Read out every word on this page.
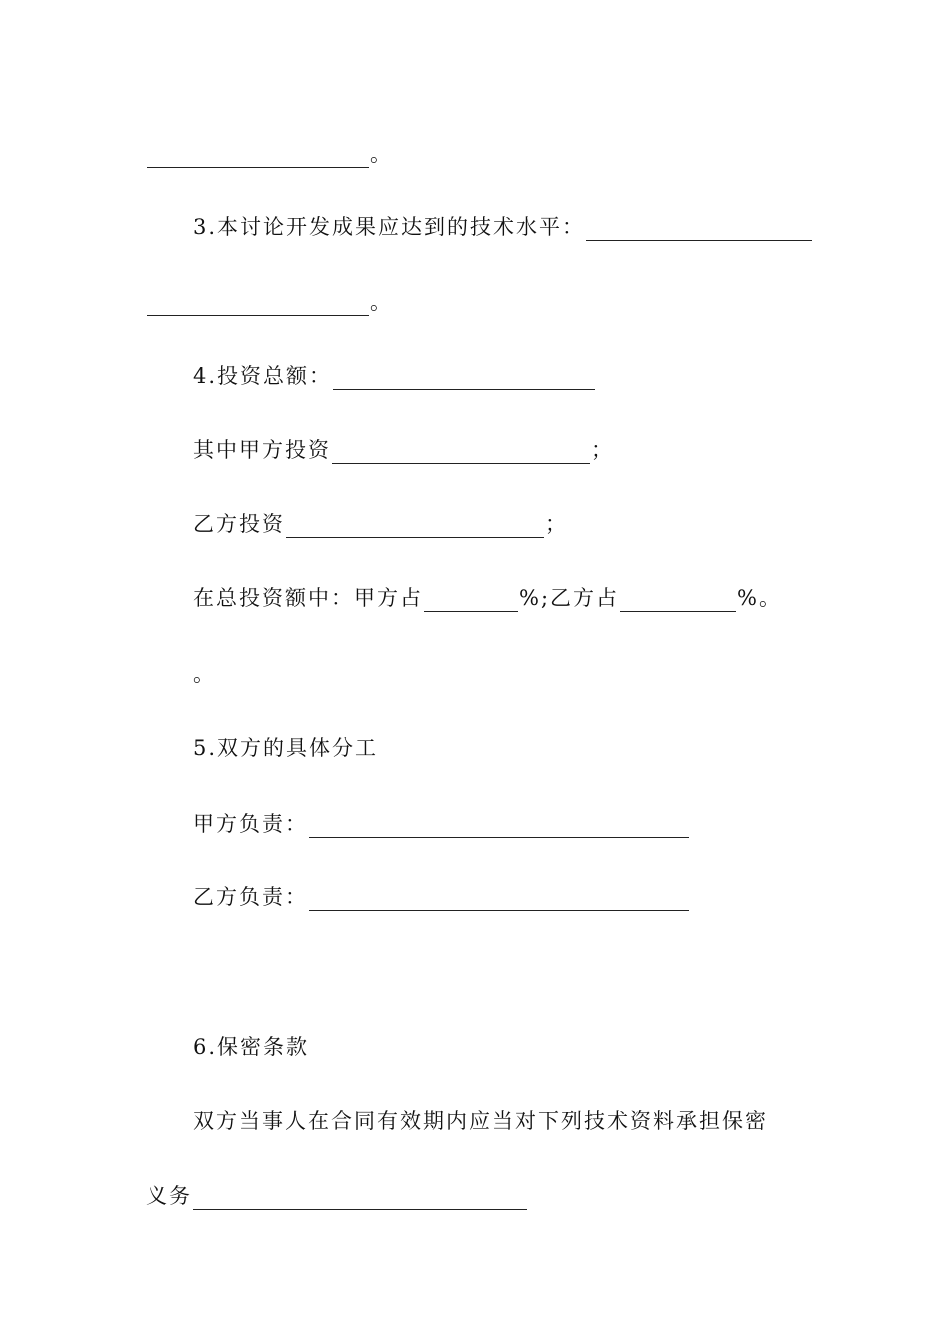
。
3.本讨论开发成果应达到的技术水平：
。
4.投资总额：
其中甲方投资	；
乙方投资	；
在总投资额中：甲方占	%;乙方占	%。
。
5.双方的具体分工
甲方负责：
乙方负责：
6.保密条款
双方当事人在合同有效期内应当对下列技术资料承担保密
义务
